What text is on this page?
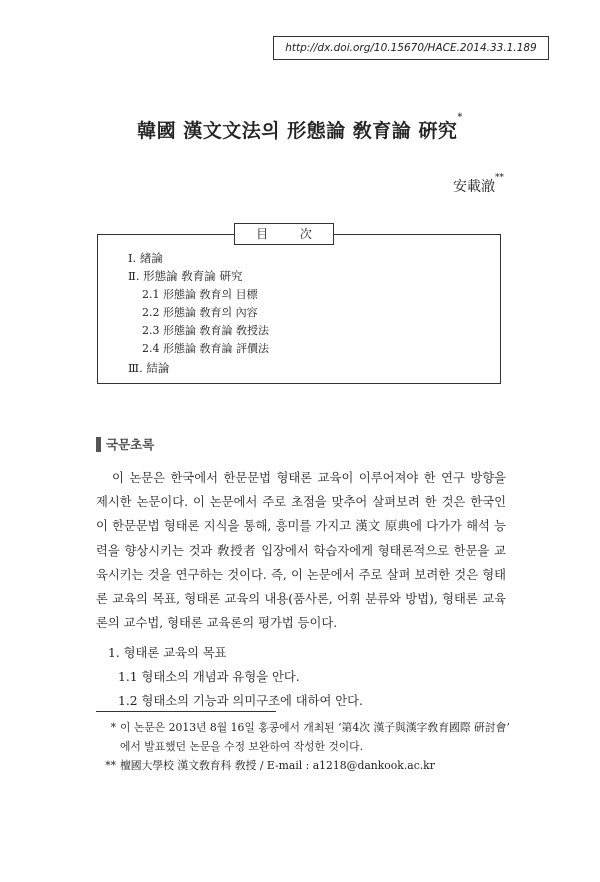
http://dx.doi.org/10.15670/HACE.2014.33.1.189
韓國 漢文文法의 形態論 敎育論 硏究*
安載澈**
目 次
Ⅰ. 緖論
Ⅱ. 形態論 敎育論 硏究
2.1 形態論 敎育의 目標
2.2 形態論 敎育의 內容
2.3 形態論 敎育論 敎授法
2.4 形態論 敎育論 評價法
Ⅲ. 結論
국문초록
이 논문은 한국에서 한문문법 형태론 교육이 이루어져야 한 연구 방향을 제시한 논문이다. 이 논문에서 주로 초점을 맞추어 살펴보려 한 것은 한국인이 한문문법 형태론 지식을 통해, 흥미를 가지고 漢文 原典에 다가가 해석 능력을 향상시키는 것과 敎授者 입장에서 학습자에게 형태론적으로 한문을 교육시키는 것을 연구하는 것이다. 즉, 이 논문에서 주로 살펴 보려한 것은 형태론 교육의 목표, 형태론 교육의 내용(품사론, 어휘 분류와 방법), 형태론 교육론의 교수법, 형태론 교육론의 평가법 등이다.
1. 형태론 교육의 목표
1.1 형태소의 개념과 유형을 안다.
1.2 형태소의 기능과 의미구조에 대하여 안다.
* 이 논문은 2013년 8월 16일 홍콩에서 개최된 ‘第4次 漢子與漢字敎育國際 硏討會’
에서 발표했던 논문을 수정 보완하여 작성한 것이다.
** 檀國大學校 漢文敎育科 敎授 / E-mail : a1218@dankook.ac.kr
